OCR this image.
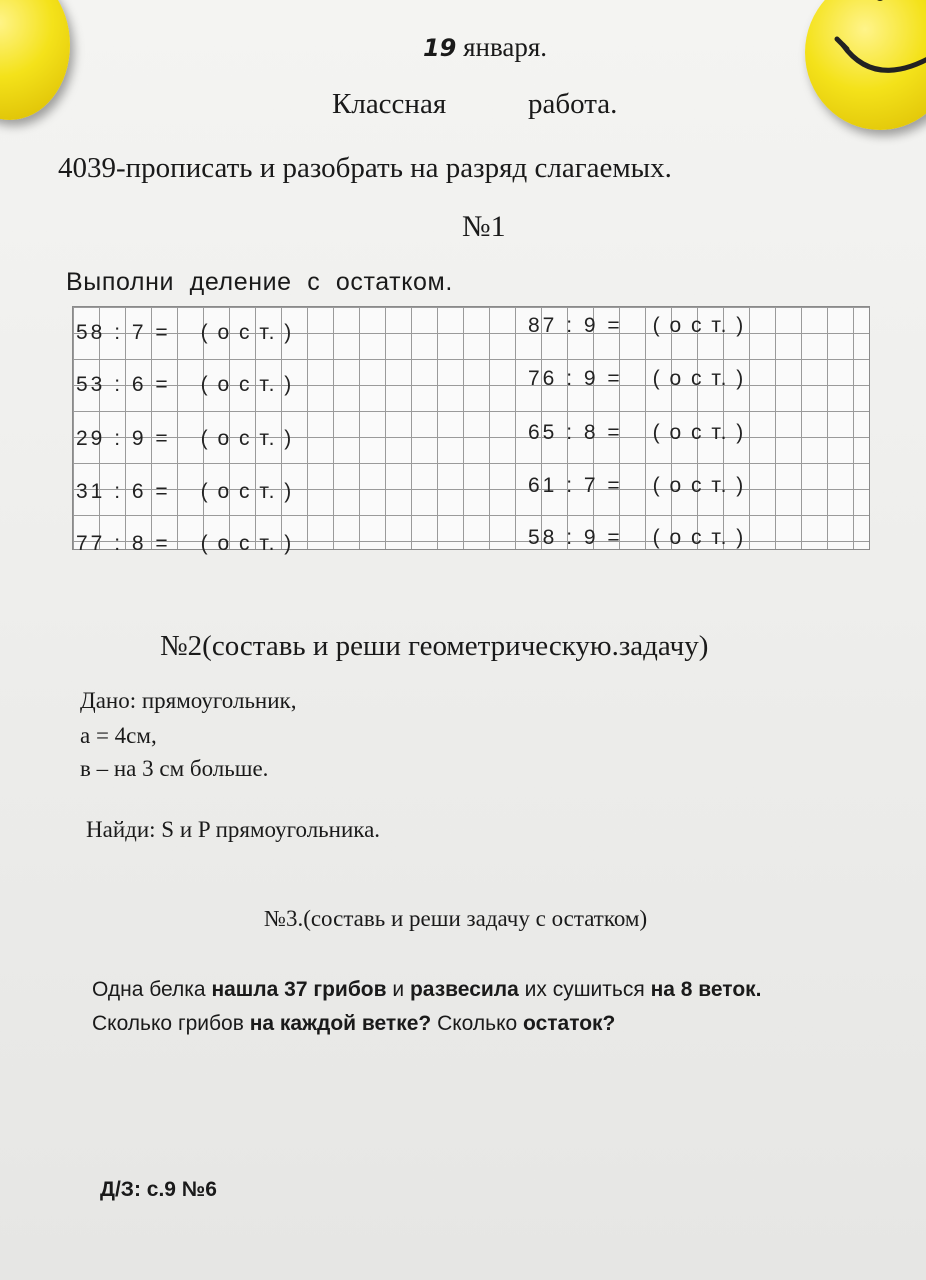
19 января.
Классная	работа.
4039-прописать и разобрать на разряд слагаемых.
№1
Выполни деление с остатком.
58 : 7 = ( о с т. )
53 : 6 = ( о с т. )
29 : 9 = ( о с т. )
31 : 6 = ( о с т. )
77 : 8 = ( о с т. )
87 : 9 = ( о с т. )
76 : 9 = ( о с т. )
65 : 8 = ( о с т. )
61 : 7 = ( о с т. )
58 : 9 = ( о с т. )
№2(составь и реши геометрическую.задачу)
Дано: прямоугольник,
а = 4см,
в – на 3 см больше.
Найди: S и P прямоугольника.
№3.(составь и реши задачу с остатком)
Одна белка нашла 37 грибов и развесила их сушиться на 8 веток.
Сколько грибов на каждой ветке? Сколько остаток?
Д/З: с.9 №6
